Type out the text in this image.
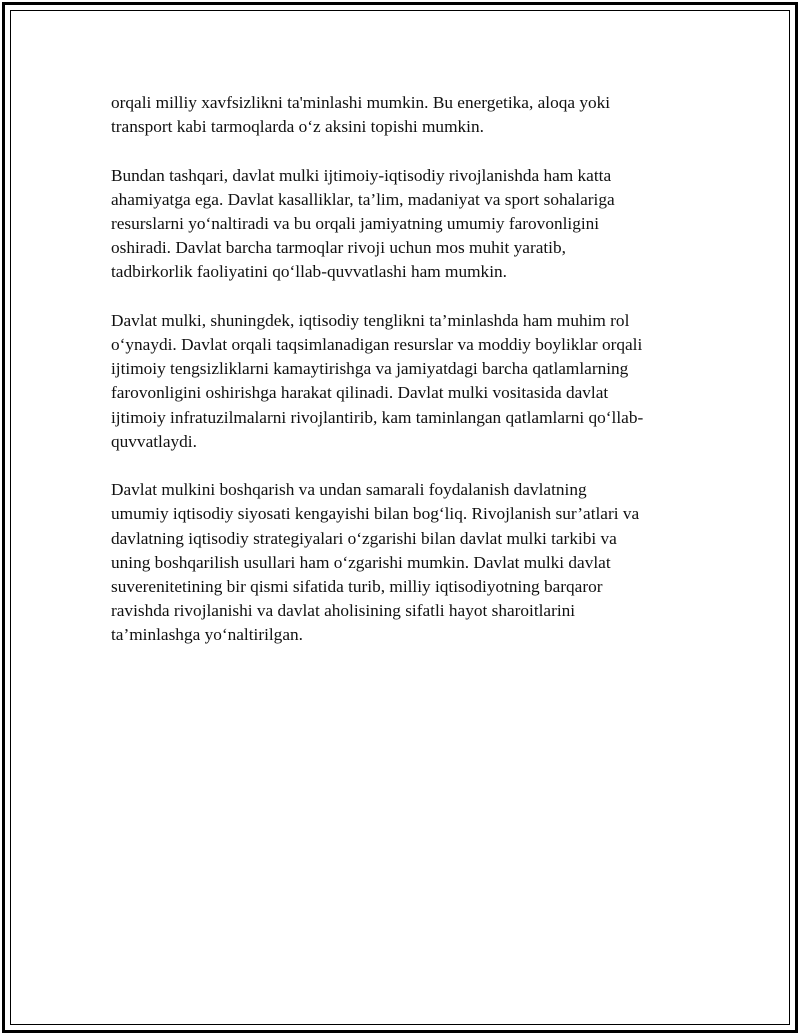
orqali milliy xavfsizlikni ta'minlashi mumkin. Bu energetika, aloqa yoki
transport kabi tarmoqlarda o‘z aksini topishi mumkin.

Bundan tashqari, davlat mulki ijtimoiy-iqtisodiy rivojlanishda ham katta
ahamiyatga ega. Davlat kasalliklar, ta’lim, madaniyat va sport sohalariga
resurslarni yo‘naltiradi va bu orqali jamiyatning umumiy farovonligini
oshiradi. Davlat barcha tarmoqlar rivoji uchun mos muhit yaratib,
tadbirkorlik faoliyatini qo‘llab-quvvatlashi ham mumkin.

Davlat mulki, shuningdek, iqtisodiy tenglikni ta’minlashda ham muhim rol
o‘ynaydi. Davlat orqali taqsimlanadigan resurslar va moddiy boyliklar orqali
ijtimoiy tengsizliklarni kamaytirishga va jamiyatdagi barcha qatlamlarning
farovonligini oshirishga harakat qilinadi. Davlat mulki vositasida davlat
ijtimoiy infratuzilmalarni rivojlantirib, kam taminlangan qatlamlarni qo‘llab-
quvvatlaydi.

Davlat mulkini boshqarish va undan samarali foydalanish davlatning
umumiy iqtisodiy siyosati kengayishi bilan bog‘liq. Rivojlanish sur’atlari va
davlatning iqtisodiy strategiyalari o‘zgarishi bilan davlat mulki tarkibi va
uning boshqarilish usullari ham o‘zgarishi mumkin. Davlat mulki davlat
suverenitetining bir qismi sifatida turib, milliy iqtisodiyotning barqaror
ravishda rivojlanishi va davlat aholisining sifatli hayot sharoitlarini
ta’minlashga yo‘naltirilgan.
